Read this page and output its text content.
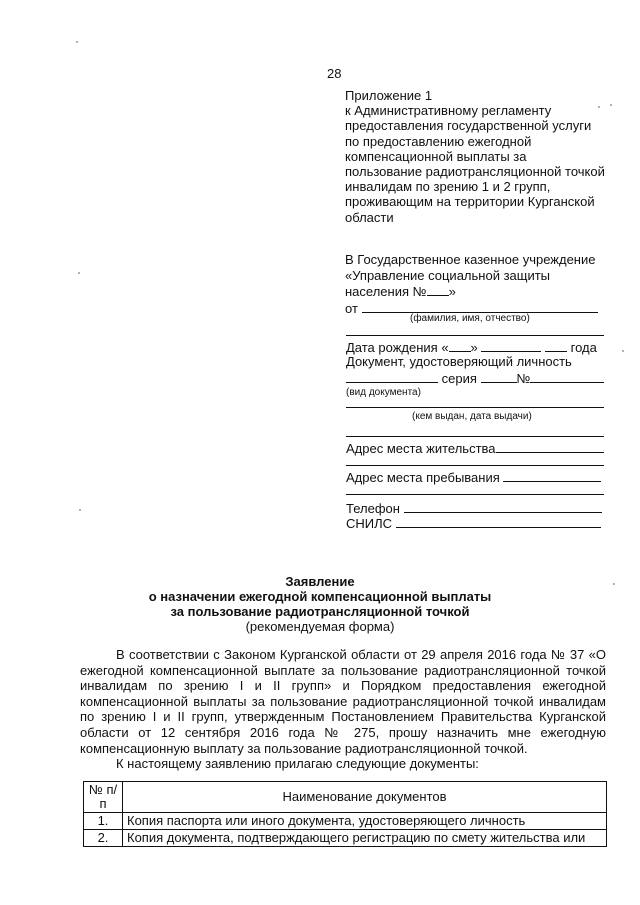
28
Приложение 1
к Административному регламенту
предоставления государственной услуги
по предоставлению ежегодной
компенсационной выплаты за
пользование радиотрансляционной точкой
инвалидам по зрению 1 и 2 групп,
проживающим на территории Курганской
области
В Государственное казенное учреждение
«Управление социальной защиты
населения № »
от
(фамилия, имя, отчество)
Дата рождения « »	года
Документ, удостоверяющий личность
серия	№
(вид документа)
(кем выдан, дата выдачи)
Адрес места жительства
Адрес места пребывания
Телефон
СНИЛС
Заявление
о назначении ежегодной компенсационной выплаты
за пользование радиотрансляционной точкой
(рекомендуемая форма)

В соответствии с Законом Курганской области от 29 апреля 2016 года № 37 «О ежегодной компенсационной выплате за пользование радиотрансляционной точкой инвалидам по зрению I и II групп» и Порядком предоставления ежегодной компенсационной выплаты за пользование радиотрансляционной точкой инвалидам по зрению I и II групп, утвержденным Постановлением Правительства Курганской области от 12 сентября 2016 года № 275, прошу назначить мне ежегодную компенсационную выплату за пользование радиотрансляционной точкой.

К настоящему заявлению прилагаю следующие документы:

№ п/п	Наименование документов
1.	Копия паспорта или иного документа, удостоверяющего личность
2.	Копия документа, подтверждающего регистрацию по смету жительства или
